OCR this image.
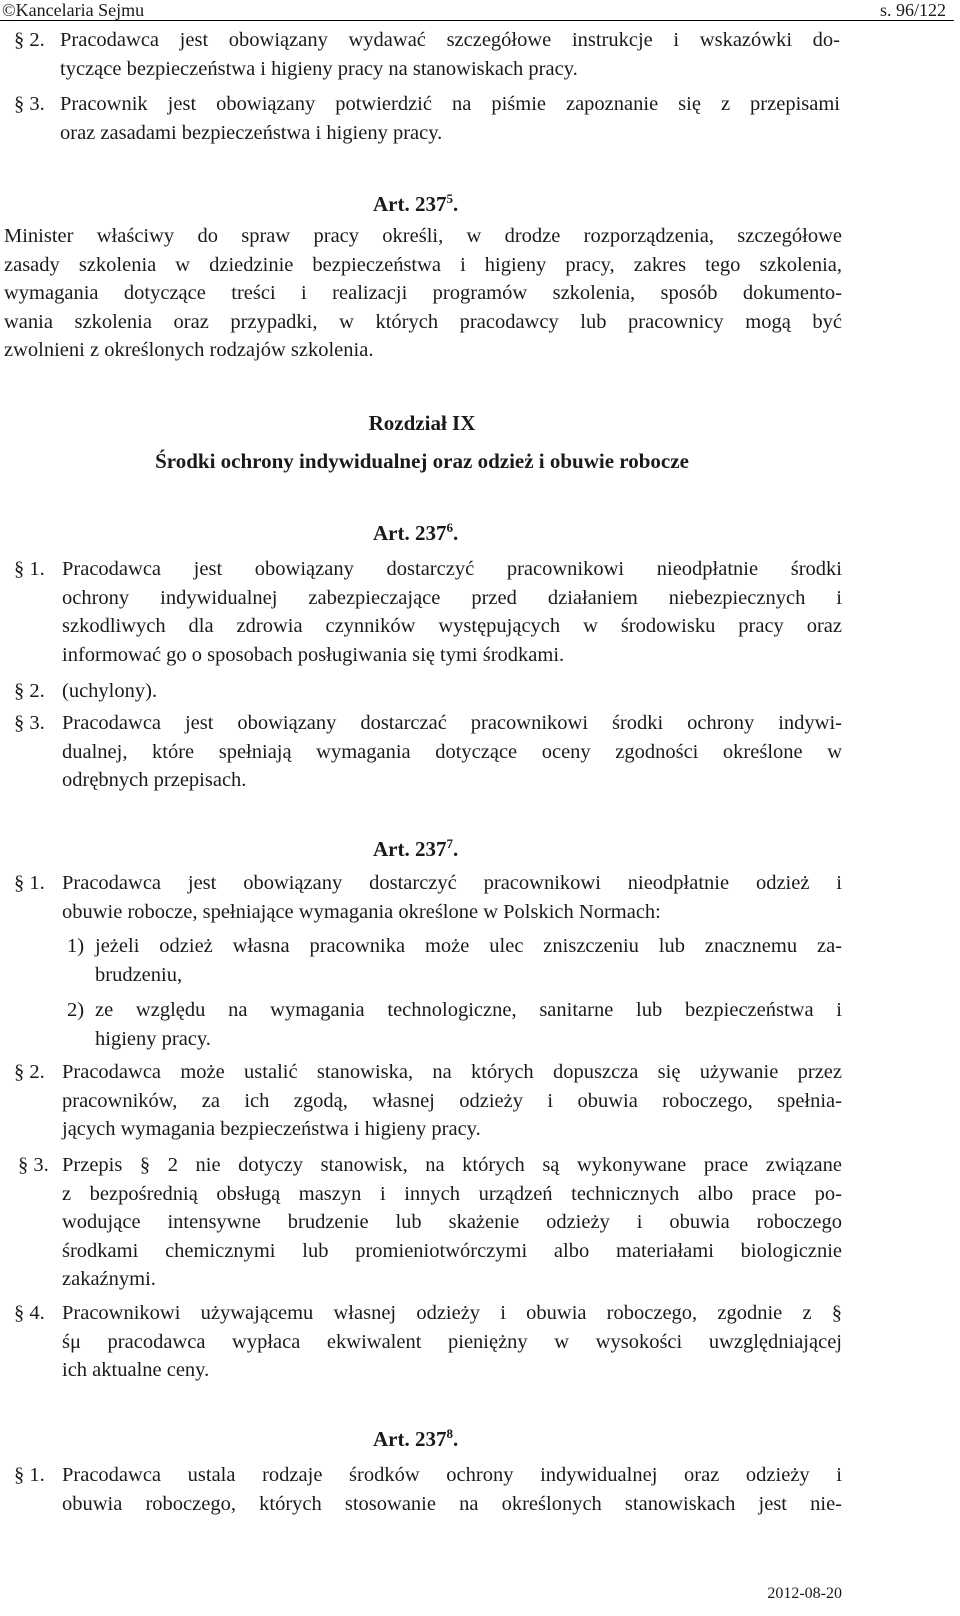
©Kancelaria Sejmu	s. 96/122
§ 2. Pracodawca jest obowiązany wydawać szczegółowe instrukcje i wskazówki do-
tyczące bezpieczeństwa i higieny pracy na stanowiskach pracy.
§ 3. Pracownik jest obowiązany potwierdzić na piśmie zapoznanie się z przepisami
oraz zasadami bezpieczeństwa i higieny pracy.
Art. $237^5$.
Minister właściwy do spraw pracy określi, w drodze rozporządzenia, szczegółowe
zasady szkolenia w dziedzinie bezpieczeństwa i higieny pracy, zakres tego szkolenia,
wymagania dotyczące treści i realizacji programów szkolenia, sposób dokumento-
wania szkolenia oraz przypadki, w których pracodawcy lub pracownicy mogą być
zwolnieni z określonych rodzajów szkolenia.
Rozdział IX
Środki ochrony indywidualnej oraz odzież i obuwie robocze
Art. $237^6$.
§ 1. Pracodawca jest obowiązany dostarczyć pracownikowi nieodpłatnie środki
ochrony indywidualnej zabezpieczające przed działaniem niebezpiecznych i
szkodliwych dla zdrowia czynników występujących w środowisku pracy oraz
informować go o sposobach posługiwania się tymi środkami.
§ 2. (uchylony).
§ 3. Pracodawca jest obowiązany dostarczać pracownikowi środki ochrony indywi-
dualnej, które spełniają wymagania dotyczące oceny zgodności określone w
odrębnych przepisach.
Art. $237^7$.
§ 1. Pracodawca jest obowiązany dostarczyć pracownikowi nieodpłatnie odzież i
obuwie robocze, spełniające wymagania określone w Polskich Normach:
1) jeżeli odzież własna pracownika może ulec zniszczeniu lub znacznemu za-
brudzeniu,
2) ze względu na wymagania technologiczne, sanitarne lub bezpieczeństwa i
higieny pracy.
§ 2. Pracodawca może ustalić stanowiska, na których dopuszcza się używanie przez
pracowników, za ich zgodą, własnej odzieży i obuwia roboczego, spełnia-
jących wymagania bezpieczeństwa i higieny pracy.
§ 3. Przepis § 2 nie dotyczy stanowisk, na których są wykonywane prace związane
z bezpośrednią obsługą maszyn i innych urządzeń technicznych albo prace po-
wodujące intensywne brudzenie lub skażenie odzieży i obuwia roboczego
środkami chemicznymi lub promieniotwórczymi albo materiałami biologicznie
zakaźnymi.
§ 4. Pracownikowi używającemu własnej odzieży i obuwia roboczego, zgodnie z §
śμ pracodawca wypłaca ekwiwalent pieniężny w wysokości uwzględniającej
ich aktualne ceny.
Art. $237^8$.
§ 1. Pracodawca ustala rodzaje środków ochrony indywidualnej oraz odzieży i
obuwia roboczego, których stosowanie na określonych stanowiskach jest nie-
2012-08-20
